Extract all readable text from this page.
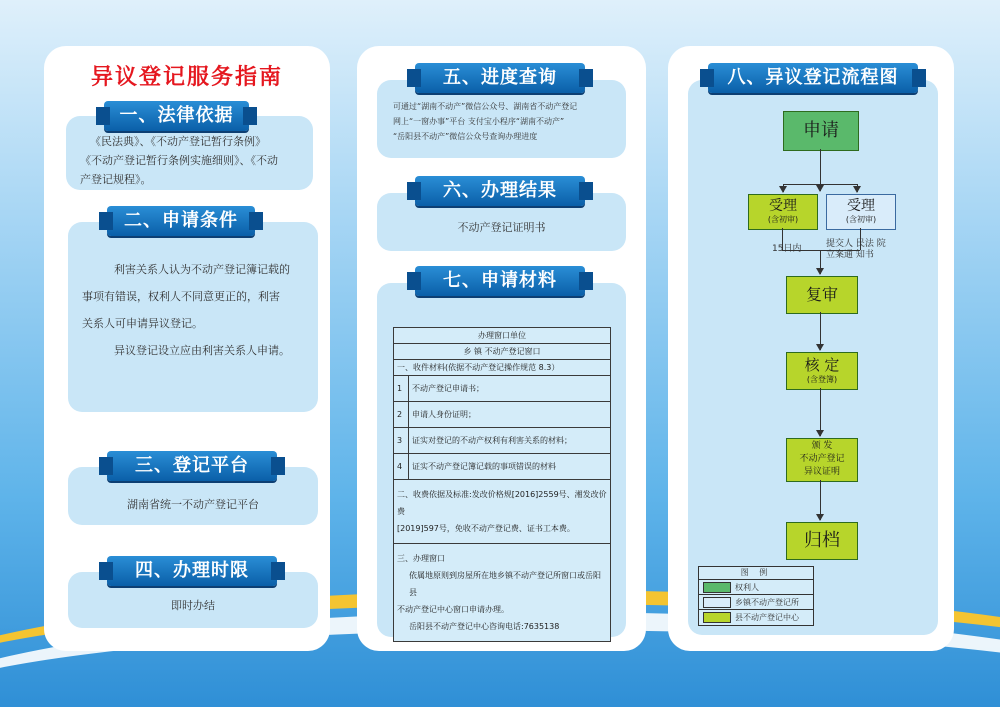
异议登记服务指南
一、法律依据
《民法典》、《不动产登记暂行条例》
《不动产登记暂行条例实施细则》、《不动
产登记规程》。
二、申请条件
利害关系人认为不动产登记簿记载的
事项有错误，权利人不同意更正的，利害
关系人可申请异议登记。
异议登记设立应由利害关系人申请。
三、登记平台
湖南省统一不动产登记平台
四、办理时限
即时办结
五、进度查询
可通过“湖南不动产”微信公众号、湖南省不动产登记
网上“一窗办事”平台 支付宝小程序“湖南不动产”
“岳阳县不动产”微信公众号查询办理进度
六、办理结果
不动产登记证明书
七、申请材料
办理窗口单位	
乡 镇 不动产登记窗口	
一、收件材料(依据不动产登记操作规范 8.3）	
1	不动产登记申请书；
2	申请人身份证明；
3	证实对登记的不动产权利有利害关系的材料；
4	证实不动产登记簿记载的事项错误的材料

二、收费依据及标准:发改价格规[2016]2559号、湘发改价费
[2019]597号，免收不动产登记费、证书工本费。	

三、办理窗口
依属地原则到房屋所在地乡镇不动产登记所窗口或岳阳县
不动产登记中心窗口申请办理。
岳阳县不动产登记中心咨询电话:7635138	
八、异议登记流程图
申请
受理
(含初审)
受理
(含初审)
15日内	提交人 民法 院
立案通 知书
复审
核 定
(含登簿)
颁 发
不动产登记
异议证明
归档
图 例
权利人
乡镇不动产登记所
县不动产登记中心
